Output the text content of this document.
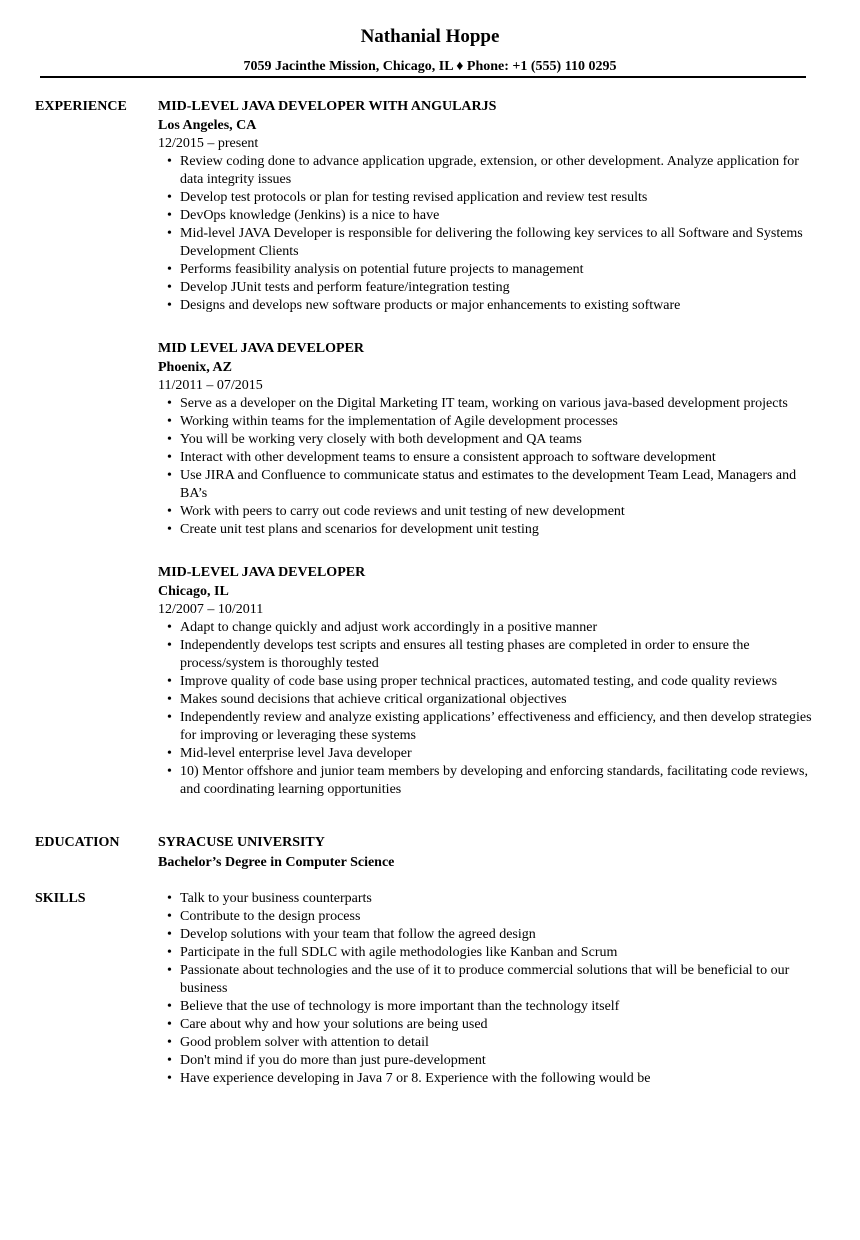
Nathanial Hoppe
7059 Jacinthe Mission, Chicago, IL ♦ Phone: +1 (555) 110 0295
EXPERIENCE MID-LEVEL JAVA DEVELOPER WITH ANGULARJS
Los Angeles, CA
12/2015 – present
• Review coding done to advance application upgrade, extension, or other development. Analyze application for data integrity issues
• Develop test protocols or plan for testing revised application and review test results
• DevOps knowledge (Jenkins) is a nice to have
• Mid-level JAVA Developer is responsible for delivering the following key services to all Software and Systems Development Clients
• Performs feasibility analysis on potential future projects to management
• Develop JUnit tests and perform feature/integration testing
• Designs and develops new software products or major enhancements to existing software
MID LEVEL JAVA DEVELOPER
Phoenix, AZ
11/2011 – 07/2015
• Serve as a developer on the Digital Marketing IT team, working on various java-based development projects
• Working within teams for the implementation of Agile development processes
• You will be working very closely with both development and QA teams
• Interact with other development teams to ensure a consistent approach to software development
• Use JIRA and Confluence to communicate status and estimates to the development Team Lead, Managers and BA’s
• Work with peers to carry out code reviews and unit testing of new development
• Create unit test plans and scenarios for development unit testing
MID-LEVEL JAVA DEVELOPER
Chicago, IL
12/2007 – 10/2011
• Adapt to change quickly and adjust work accordingly in a positive manner
• Independently develops test scripts and ensures all testing phases are completed in order to ensure the process/system is thoroughly tested
• Improve quality of code base using proper technical practices, automated testing, and code quality reviews
• Makes sound decisions that achieve critical organizational objectives
• Independently review and analyze existing applications’ effectiveness and efficiency, and then develop strategies for improving or leveraging these systems
• Mid-level enterprise level Java developer
• 10) Mentor offshore and junior team members by developing and enforcing standards, facilitating code reviews, and coordinating learning opportunities
EDUCATION	SYRACUSE UNIVERSITY
Bachelor’s Degree in Computer Science
SKILLS	• Talk to your business counterparts
• Contribute to the design process
• Develop solutions with your team that follow the agreed design
• Participate in the full SDLC with agile methodologies like Kanban and Scrum
• Passionate about technologies and the use of it to produce commercial solutions that will be beneficial to our business
• Believe that the use of technology is more important than the technology itself
• Care about why and how your solutions are being used
• Good problem solver with attention to detail
• Don't mind if you do more than just pure-development
• Have experience developing in Java 7 or 8. Experience with the following would be
